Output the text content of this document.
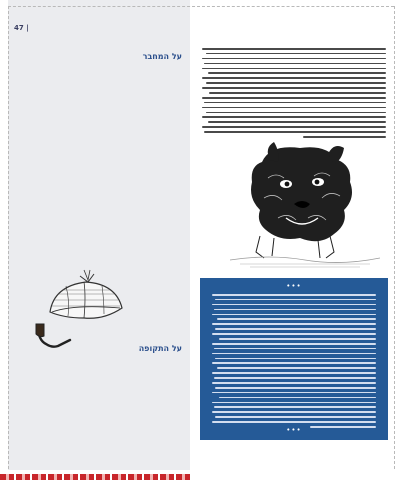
47 |
על המחבר
על התקופה
•••
•••
